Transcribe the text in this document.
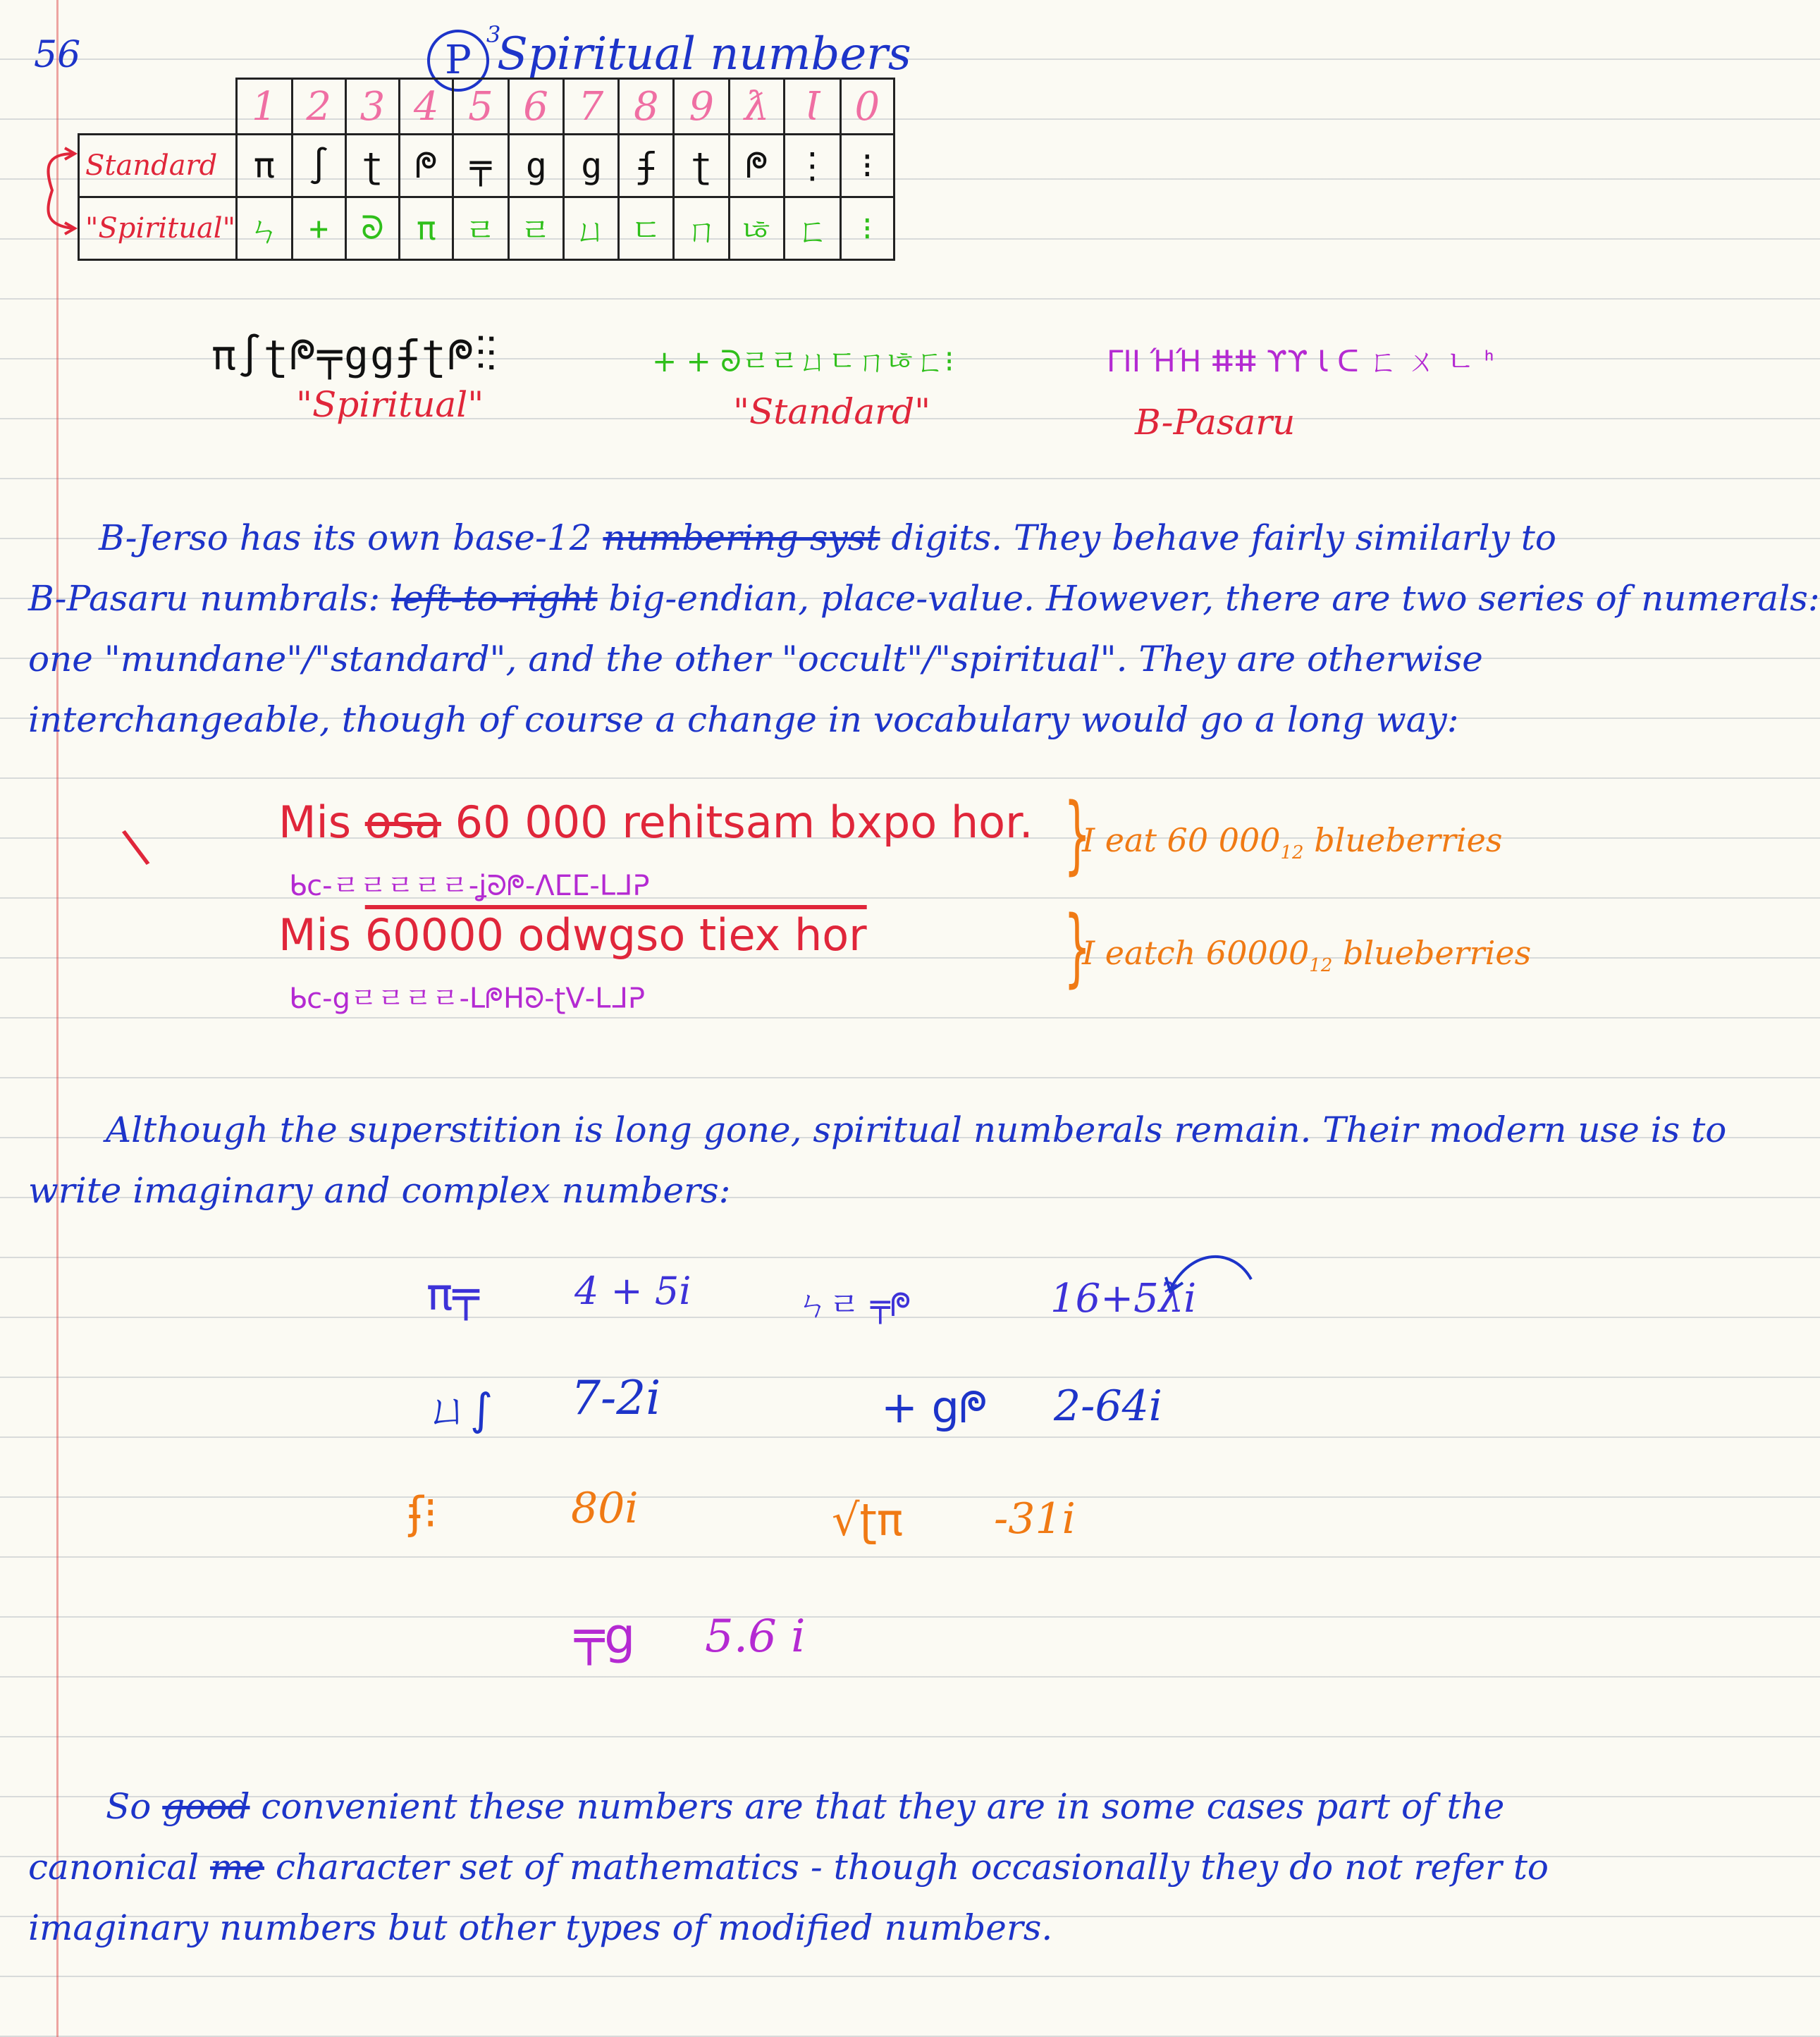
56	P
3
Spiritual numbers
	1	2	3	4	5	6	7	8	9	ƛ	Ɩ	0
Standard	π	∫	ʈ	ᖘ	╤	ց	ց	ʄ	ʈ	ᖘ	⋮	⁝
"Spiritual"	ㄣ	+	ᘐ	π	ㄹ	ㄹ	ㄩ	ㄷ	ㄇ	ㄶ	ㄈ	⁝
π∫ʈᖘ╤ցցʄʈᖘ⋮⁝
"Spiritual"
+ + ᘐㄹㄹㄩㄷㄇㄶㄈ⁝
"Standard"
ΓΙΙ ΉΉ ⵌⵌ ϒϒ Ɩ ᑕ ㄈ ㄨ ㄴ ᑋ
B-Pasaru
B-Jerso has its own base-12 numbering syst digits. They behave fairly similarly to
B-Pasaru numbrals: left-to-right big-endian, place-value. However, there are two series of numerals:
one "mundane"/"standard", and the other "occult"/"spiritual". They are otherwise
interchangeable, though of course a change in vocabulary would go a long way:
\	Mis osa 60 000 rehitsam bxpo hor.
ᑲc-ㄹㄹㄹㄹㄹ-ʝᘐᖘ-Λⵎⵎ-ᒪᒧᕈ
}
I eat 60 $000_{12}$ blueberries
Mis 60000 odwgso tiex hor
ᑲc-ցㄹㄹㄹㄹ-ᒪᖘᕼᘐ-ʈᐯ-ᒪᒧᕈ
}
I eatch $60000_{12}$ blueberries
Although the superstition is long gone, spiritual numberals remain. Their modern use is to
write imaginary and complex numbers:
π╤	4 + 5i	ㄣㄹ ╤ᖘ	16+5ƛi
ㄩ∫ 7-2i	+ ցᖘ 2-64i
ʄ⁝	80i	√ʈπ -31i
╤ց 5.6 i
So good convenient these numbers are that they are in some cases part of the
canonical me character set of mathematics - though occasionally they do not refer to
imaginary numbers but other types of modified numbers.
